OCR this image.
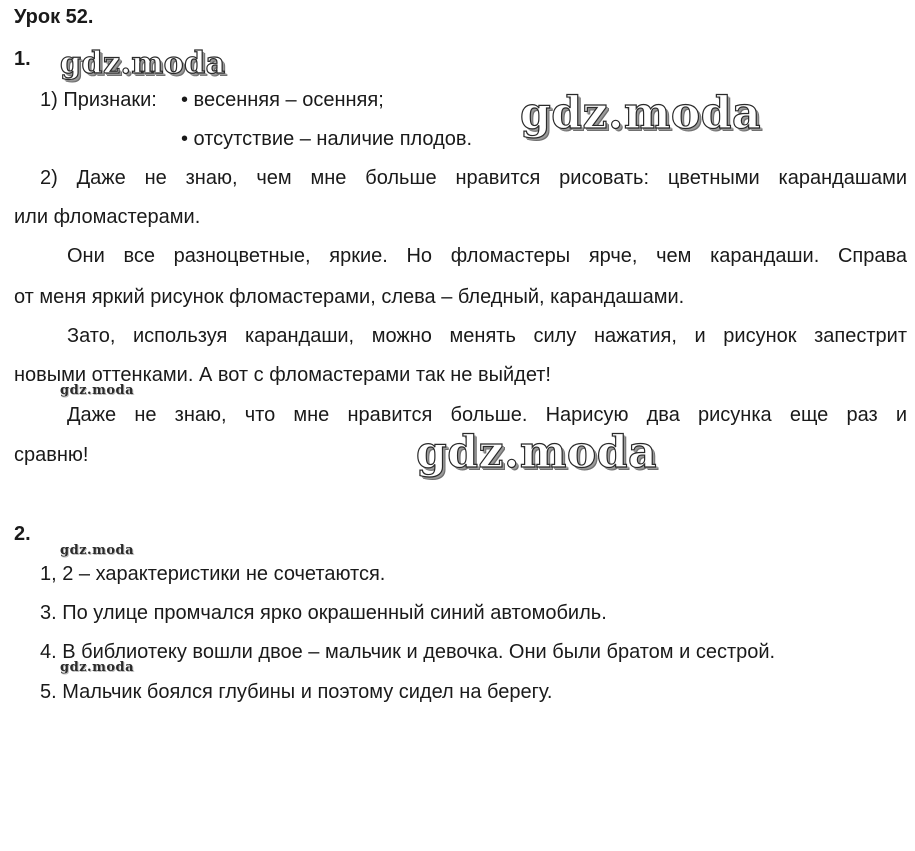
Урок 52.
1.
1) Признаки: • весенняя – осенняя;
• отсутствие – наличие плодов.
2) Даже не знаю, чем мне больше нравится рисовать: цветными карандашами
или фломастерами.
Они все разноцветные, яркие. Но фломастеры ярче, чем карандаши. Справа
от меня яркий рисунок фломастерами, слева – бледный, карандашами.
Зато, используя карандаши, можно менять силу нажатия, и рисунок запестрит
новыми оттенками. А вот с фломастерами так не выйдет!
Даже не знаю, что мне нравится больше. Нарисую два рисунка еще раз и
сравню!
2.
1, 2 – характеристики не сочетаются.
3. По улице промчался ярко окрашенный синий автомобиль.
4. В библиотеку вошли двое – мальчик и девочка. Они были братом и сестрой.
5. Мальчик боялся глубины и поэтому сидел на берегу.
gdz.moda
gdz.moda
gdz.moda
gdz.moda
gdz.moda
gdz.moda
